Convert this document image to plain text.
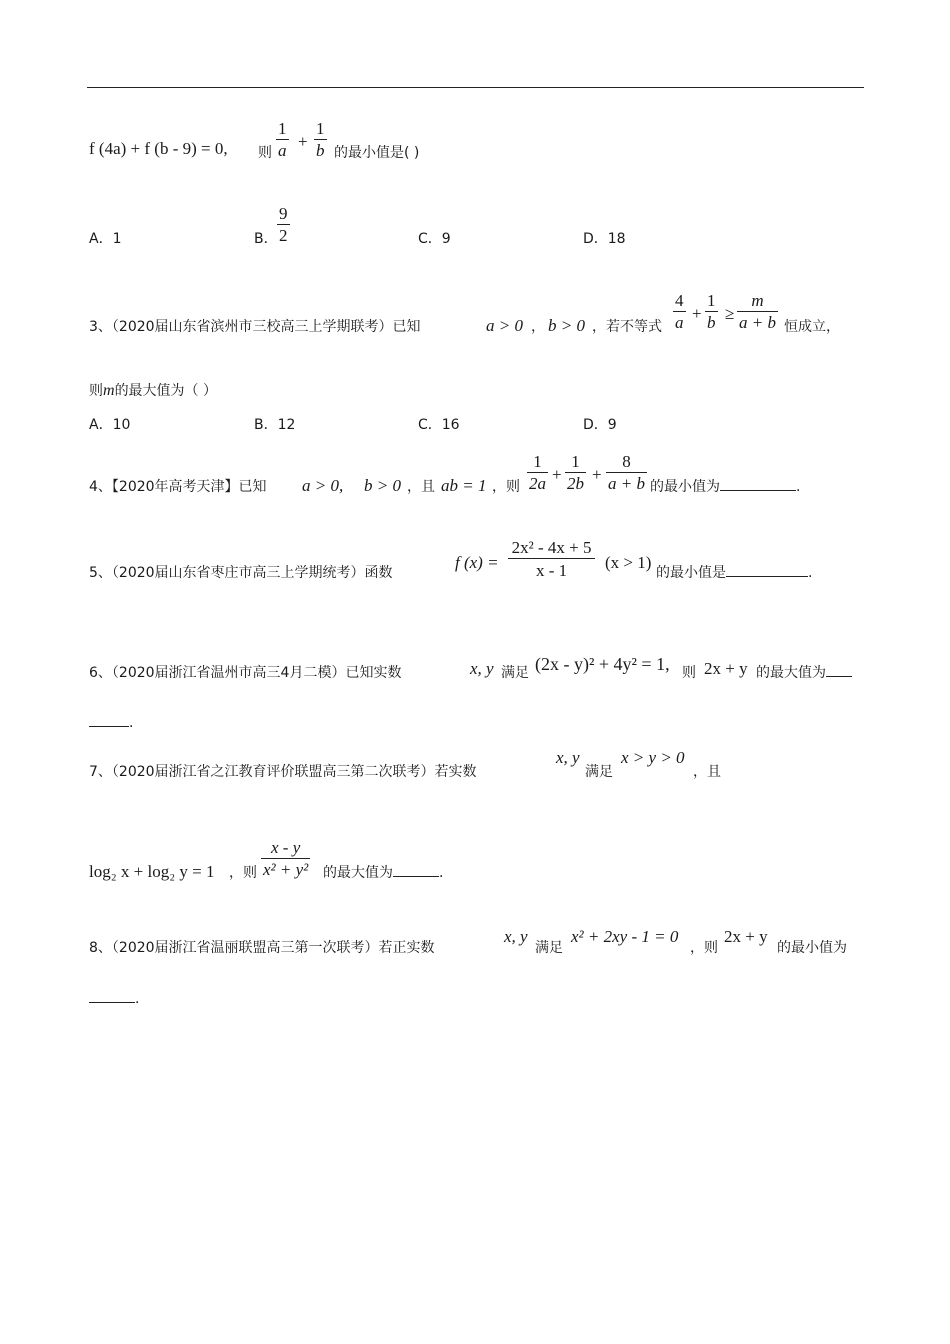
f (4a) + f (b - 9) = 0, 则 $\frac{1}{a} + \frac{1}{b}$ 的最小值是( )
A．1	B． $\frac{9}{2}$	C．9	D．18
3、（2020届山东省滨州市三校高三上学期联考）已知	a > 0 ， b > 0 ，若不等式 $\frac{4}{a} + \frac{1}{b} \ge \frac{m}{a + b}$ 恒成立，
则m的最大值为（ ）
A．10	B．12	C．16	D．9
4、【2020年高考天津】已知 a > 0, b > 0 ，且 ab = 1 ，则 $\frac{1}{2a} + \frac{1}{2b} + \frac{8}{a + b}$ 的最小值为	.
5、（2020届山东省枣庄市高三上学期统考）函数
f $(x) = \frac{\text{2x² - 4x + 5}}{x - 1} (x > 1)$
的最小值是	.
6、（2020届浙江省温州市高三4月二模）已知实数	x, y 满足 (2x - y)² + 4y² = 1, 则 2x + y 的最大值为
.
7、（2020届浙江省之江教育评价联盟高三第二次联考）若实数
x, y
满足
x > y > 0
，且
log₂ x + log₂ y = 1 ，则 $\frac{x - y}{\text{x² + y²}}$ 的最大值为	.
8、（2020届浙江省温丽联盟高三第一次联考）若正实数
x, y
满足
x² + 2xy - 1 = 0
，则
2x + y
的最小值为
.
